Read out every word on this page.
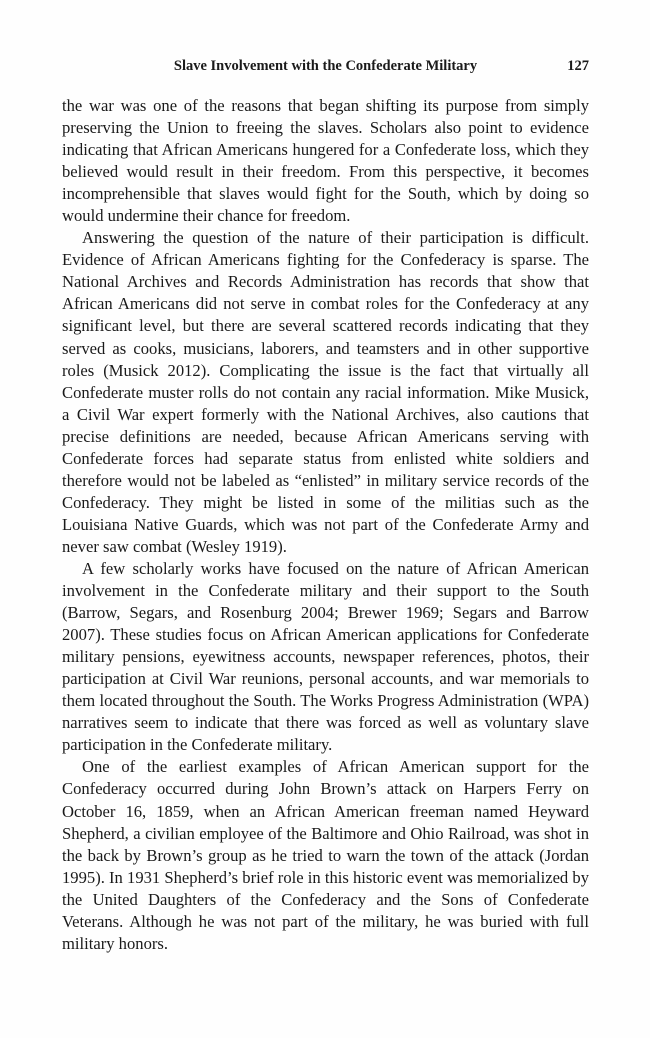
Slave Involvement with the Confederate Military	127

the war was one of the reasons that began shifting its purpose from simply preserving the Union to freeing the slaves. Scholars also point to evidence indicating that African Americans hungered for a Confederate loss, which they believed would result in their freedom. From this perspective, it becomes incomprehensible that slaves would fight for the South, which by doing so would undermine their chance for freedom.

Answering the question of the nature of their participation is difficult. Evidence of African Americans fighting for the Confederacy is sparse. The National Archives and Records Administration has records that show that African Americans did not serve in combat roles for the Confederacy at any significant level, but there are several scattered records indicating that they served as cooks, musicians, laborers, and teamsters and in other supportive roles (Musick 2012). Complicating the issue is the fact that virtually all Confederate muster rolls do not contain any racial information. Mike Musick, a Civil War expert formerly with the National Archives, also cautions that precise definitions are needed, because African Americans serving with Confederate forces had separate status from enlisted white soldiers and therefore would not be labeled as “enlisted” in military service records of the Confederacy. They might be listed in some of the militias such as the Louisiana Native Guards, which was not part of the Confederate Army and never saw combat (Wesley 1919).

A few scholarly works have focused on the nature of African American involvement in the Confederate military and their support to the South (Barrow, Segars, and Rosenburg 2004; Brewer 1969; Segars and Barrow 2007). These studies focus on African American applications for Confederate military pensions, eyewitness accounts, newspaper references, photos, their participation at Civil War reunions, personal accounts, and war memorials to them located throughout the South. The Works Progress Administration (WPA) narratives seem to indicate that there was forced as well as voluntary slave participation in the Confederate military.

One of the earliest examples of African American support for the Confederacy occurred during John Brown’s attack on Harpers Ferry on October 16, 1859, when an African American freeman named Heyward Shepherd, a civilian employee of the Baltimore and Ohio Railroad, was shot in the back by Brown’s group as he tried to warn the town of the attack (Jordan 1995). In 1931 Shepherd’s brief role in this historic event was memorialized by the United Daughters of the Confederacy and the Sons of Confederate Veterans. Although he was not part of the military, he was buried with full military honors.
